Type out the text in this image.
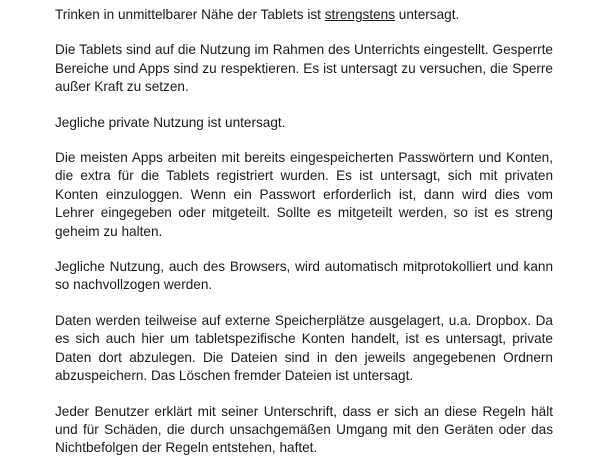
Trinken in unmittelbarer Nähe der Tablets ist strengstens untersagt.

Die Tablets sind auf die Nutzung im Rahmen des Unterrichts eingestellt. Gesperrte Bereiche und Apps sind zu respektieren. Es ist untersagt zu versuchen, die Sperre außer Kraft zu setzen.

Jegliche private Nutzung ist untersagt.

Die meisten Apps arbeiten mit bereits eingespeicherten Passwörtern und Konten, die extra für die Tablets registriert wurden. Es ist untersagt, sich mit privaten Konten einzuloggen. Wenn ein Passwort erforderlich ist, dann wird dies vom Lehrer eingegeben oder mitgeteilt. Sollte es mitgeteilt werden, so ist es streng geheim zu halten.

Jegliche Nutzung, auch des Browsers, wird automatisch mitprotokolliert und kann so nachvollzogen werden.

Daten werden teilweise auf externe Speicherplätze ausgelagert, u.a. Dropbox. Da es sich auch hier um tabletspezifische Konten handelt, ist es untersagt, private Daten dort abzulegen. Die Dateien sind in den jeweils angegebenen Ordnern abzuspeichern. Das Löschen fremder Dateien ist untersagt.

Jeder Benutzer erklärt mit seiner Unterschrift, dass er sich an diese Regeln hält und für Schäden, die durch unsachgemäßen Umgang mit den Geräten oder das Nichtbefolgen der Regeln entstehen, haftet.
